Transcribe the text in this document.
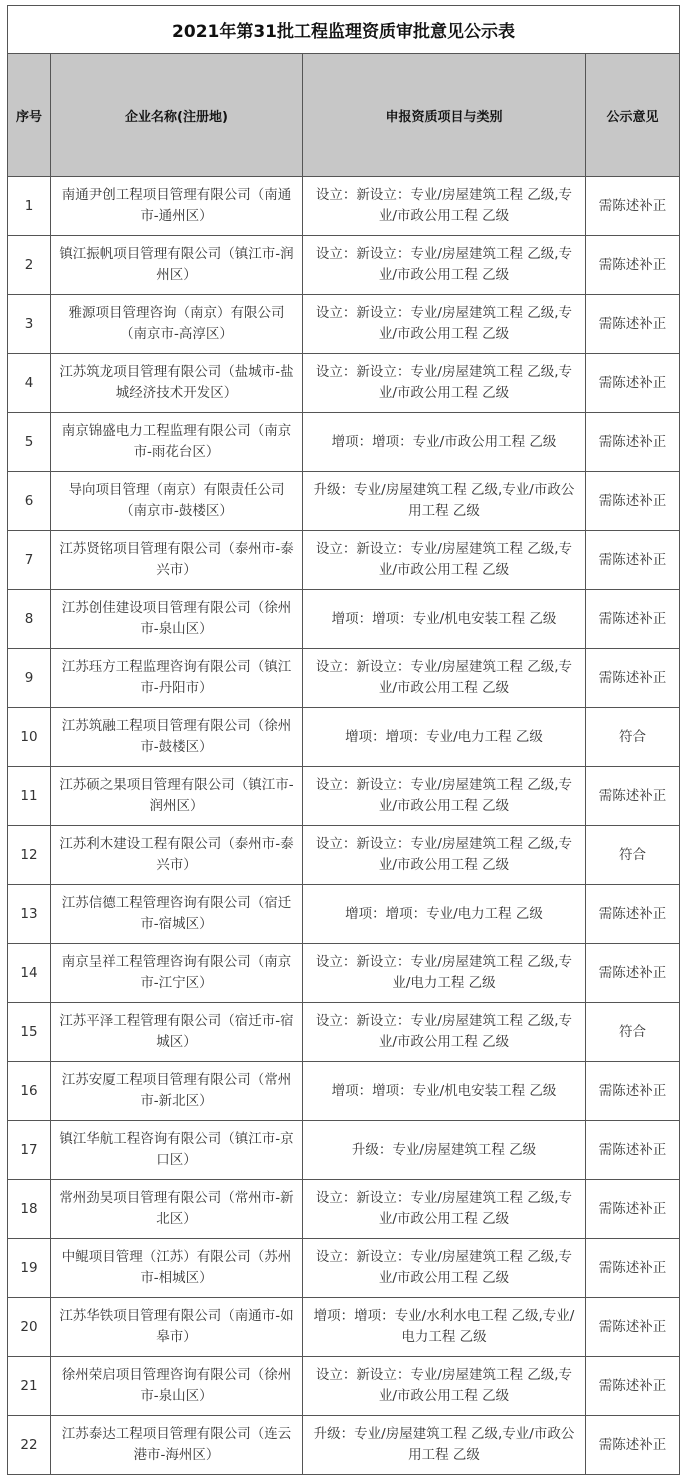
2021年第31批工程监理资质审批意见公示表			
序号	企业名称(注册地)	申报资质项目与类别	公示意见
1	南通尹创工程项目管理有限公司（南通市-通州区）	设立：新设立：专业/房屋建筑工程 乙级,专业/市政公用工程 乙级	需陈述补正
2	镇江振帆项目管理有限公司（镇江市-润州区）	设立：新设立：专业/房屋建筑工程 乙级,专业/市政公用工程 乙级	需陈述补正
3	雅源项目管理咨询（南京）有限公司（南京市-高淳区）	设立：新设立：专业/房屋建筑工程 乙级,专业/市政公用工程 乙级	需陈述补正
4	江苏筑龙项目管理有限公司（盐城市-盐城经济技术开发区）	设立：新设立：专业/房屋建筑工程 乙级,专业/市政公用工程 乙级	需陈述补正
5	南京锦盛电力工程监理有限公司（南京市-雨花台区）	增项：增项：专业/市政公用工程 乙级	需陈述补正
6	导向项目管理（南京）有限责任公司（南京市-鼓楼区）	升级：专业/房屋建筑工程 乙级,专业/市政公用工程 乙级	需陈述补正
7	江苏贤铭项目管理有限公司（泰州市-泰兴市）	设立：新设立：专业/房屋建筑工程 乙级,专业/市政公用工程 乙级	需陈述补正
8	江苏创佳建设项目管理有限公司（徐州市-泉山区）	增项：增项：专业/机电安装工程 乙级	需陈述补正
9	江苏珏方工程监理咨询有限公司（镇江市-丹阳市）	设立：新设立：专业/房屋建筑工程 乙级,专业/市政公用工程 乙级	需陈述补正
10	江苏筑融工程项目管理有限公司（徐州市-鼓楼区）	增项：增项：专业/电力工程 乙级	符合
11	江苏硕之果项目管理有限公司（镇江市-润州区）	设立：新设立：专业/房屋建筑工程 乙级,专业/市政公用工程 乙级	需陈述补正
12	江苏利木建设工程有限公司（泰州市-泰兴市）	设立：新设立：专业/房屋建筑工程 乙级,专业/市政公用工程 乙级	符合
13	江苏信德工程管理咨询有限公司（宿迁市-宿城区）	增项：增项：专业/电力工程 乙级	需陈述补正
14	南京呈祥工程管理咨询有限公司（南京市-江宁区）	设立：新设立：专业/房屋建筑工程 乙级,专业/电力工程 乙级	需陈述补正
15	江苏平泽工程管理有限公司（宿迁市-宿城区）	设立：新设立：专业/房屋建筑工程 乙级,专业/市政公用工程 乙级	符合
16	江苏安厦工程项目管理有限公司（常州市-新北区）	增项：增项：专业/机电安装工程 乙级	需陈述补正
17	镇江华航工程咨询有限公司（镇江市-京口区）	升级：专业/房屋建筑工程 乙级	需陈述补正
18	常州劲昊项目管理有限公司（常州市-新北区）	设立：新设立：专业/房屋建筑工程 乙级,专业/市政公用工程 乙级	需陈述补正
19	中鲲项目管理（江苏）有限公司（苏州市-相城区）	设立：新设立：专业/房屋建筑工程 乙级,专业/市政公用工程 乙级	需陈述补正
20	江苏华铁项目管理有限公司（南通市-如皋市）	增项：增项：专业/水利水电工程 乙级,专业/电力工程 乙级	需陈述补正
21	徐州荣启项目管理咨询有限公司（徐州市-泉山区）	设立：新设立：专业/房屋建筑工程 乙级,专业/市政公用工程 乙级	需陈述补正
22	江苏泰达工程项目管理有限公司（连云港市-海州区）	升级：专业/房屋建筑工程 乙级,专业/市政公用工程 乙级	需陈述补正
